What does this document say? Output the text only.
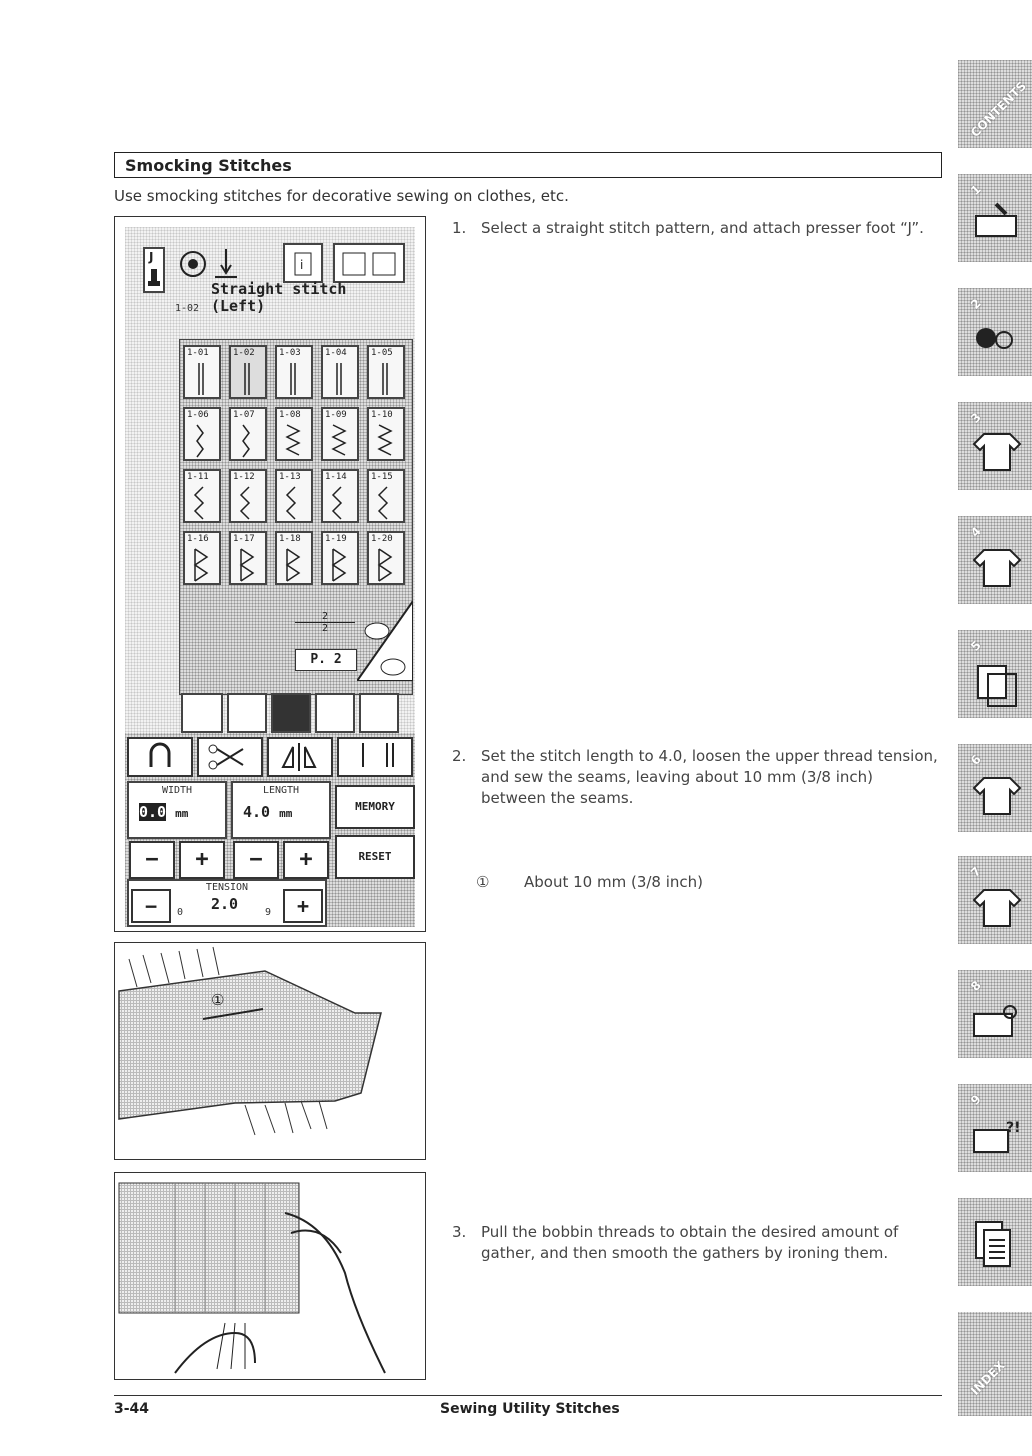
Smocking Stitches
Use smocking stitches for decorative sewing on clothes, etc.
1. Select a straight stitch pattern, and attach presser foot “J”.
2. Set the stitch length to 4.0, loosen the upper thread tension, and sew the seams, leaving about 10 mm (3/8 inch) between the seams.
① About 10 mm (3/8 inch)
3. Pull the bobbin threads to obtain the desired amount of gather, and then smooth the gathers by ironing them.
J
i
Straight stitch
(Left)
1-02
2
2
P. 2
WIDTH
0.0 mm
LENGTH
4.0 mm
MEMORY
−	+	−	+	RESET
TENSION
−	+
0 2.0	9
1-01	1-02	1-03	1-04	1-05
1-06	1-07	1-08	1-09	1-10
1-11	1-12	1-13	1-14	1-15
1-16	1-17	1-18	1-19	1-20
①
CONTENTS
1
2
3
4
5
6
7
8
9
?!
INDEX
3-44	Sewing Utility Stitches
